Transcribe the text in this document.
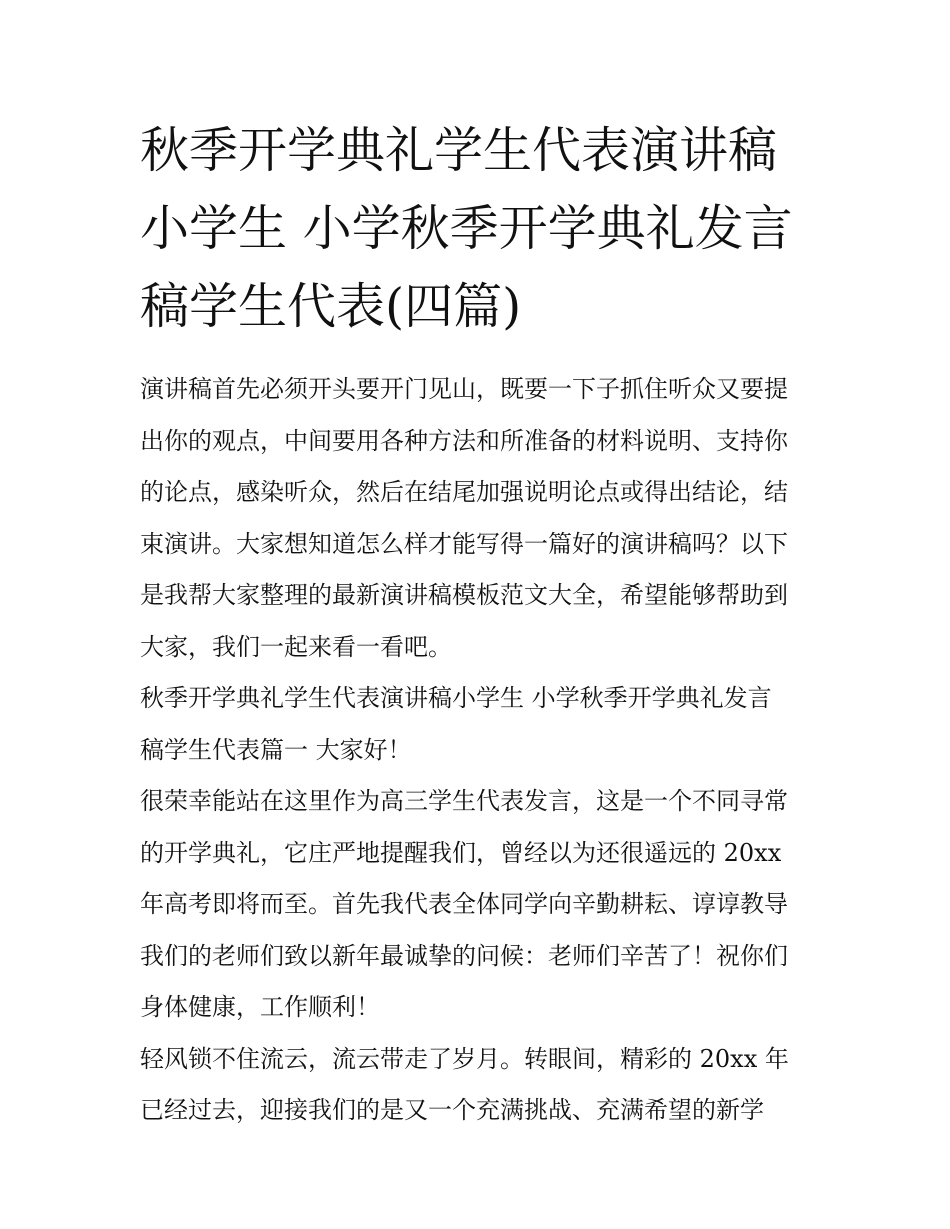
秋季开学典礼学生代表演讲稿
小学生 小学秋季开学典礼发言
稿学生代表(四篇)

演讲稿首先必须开头要开门见山，既要一下子抓住听众又要提
出你的观点，中间要用各种方法和所准备的材料说明、支持你
的论点，感染听众，然后在结尾加强说明论点或得出结论，结
束演讲。大家想知道怎么样才能写得一篇好的演讲稿吗？以下
是我帮大家整理的最新演讲稿模板范文大全，希望能够帮助到
大家，我们一起来看一看吧。

秋季开学典礼学生代表演讲稿小学生 小学秋季开学典礼发言
稿学生代表篇一 大家好！

很荣幸能站在这里作为高三学生代表发言，这是一个不同寻常
的开学典礼，它庄严地提醒我们，曾经以为还很遥远的 20xx
年高考即将而至。首先我代表全体同学向辛勤耕耘、谆谆教导
我们的老师们致以新年最诚挚的问候：老师们辛苦了！祝你们
身体健康，工作顺利！

轻风锁不住流云，流云带走了岁月。转眼间，精彩的 20xx 年
已经过去，迎接我们的是又一个充满挑战、充满希望的新学
